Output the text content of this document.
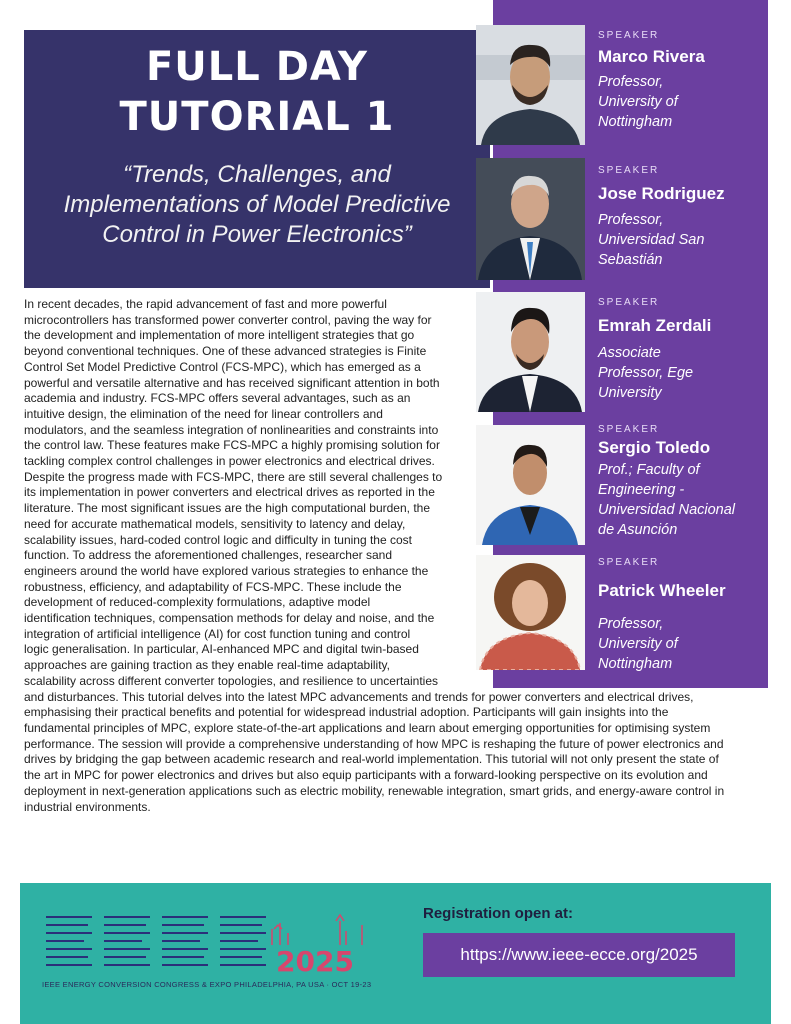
FULL DAY
TUTORIAL 1
“Trends, Challenges, and
Implementations of Model Predictive
Control in Power Electronics”
SPEAKER
Marco Rivera
Professor,
University of
Nottingham
SPEAKER
Jose Rodriguez
Professor,
Universidad San
Sebastián
SPEAKER
Emrah Zerdali
Associate
Professor, Ege
University
SPEAKER
Sergio Toledo
Prof.; Faculty of
Engineering -
Universidad Nacional
de Asunción
SPEAKER
Patrick Wheeler
Professor,
University of
Nottingham
In recent decades, the rapid advancement of fast and more powerful
microcontrollers has transformed power converter control, paving the way for
the development and implementation of more intelligent strategies that go
beyond conventional techniques. One of these advanced strategies is Finite
Control Set Model Predictive Control (FCS-MPC), which has emerged as a
powerful and versatile alternative and has received significant attention in both
academia and industry. FCS-MPC offers several advantages, such as an
intuitive design, the elimination of the need for linear controllers and
modulators, and the seamless integration of nonlinearities and constraints into
the control law. These features make FCS-MPC a highly promising solution for
tackling complex control challenges in power electronics and electrical drives.
Despite the progress made with FCS-MPC, there are still several challenges to
its implementation in power converters and electrical drives as reported in the
literature. The most significant issues are the high computational burden, the
need for accurate mathematical models, sensitivity to latency and delay,
scalability issues, hard-coded control logic and difficulty in tuning the cost
function. To address the aforementioned challenges, researcher sand
engineers around the world have explored various strategies to enhance the
robustness, efficiency, and adaptability of FCS-MPC. These include the
development of reduced-complexity formulations, adaptive model
identification techniques, compensation methods for delay and noise, and the
integration of artificial intelligence (AI) for cost function tuning and control
logic generalisation. In particular, AI-enhanced MPC and digital twin-based
approaches are gaining traction as they enable real-time adaptability,
scalability across different converter topologies, and resilience to uncertainties
and disturbances. This tutorial delves into the latest MPC advancements and trends for power converters and electrical drives,
emphasising their practical benefits and potential for widespread industrial adoption. Participants will gain insights into the
fundamental principles of MPC, explore state-of-the-art applications and learn about emerging opportunities for optimising system
performance. The session will provide a comprehensive understanding of how MPC is reshaping the future of power electronics and
drives by bridging the gap between academic research and real-world implementation. This tutorial will not only present the state of
the art in MPC for power electronics and drives but also equip participants with a forward-looking perspective on its evolution and
deployment in next-generation applications such as electric mobility, renewable integration, smart grids, and energy-aware control in
industrial environments.
2025
IEEE ENERGY CONVERSION CONGRESS & EXPO PHILADELPHIA, PA USA · OCT 19-23
Registration open at:
https://www.ieee-ecce.org/2025
